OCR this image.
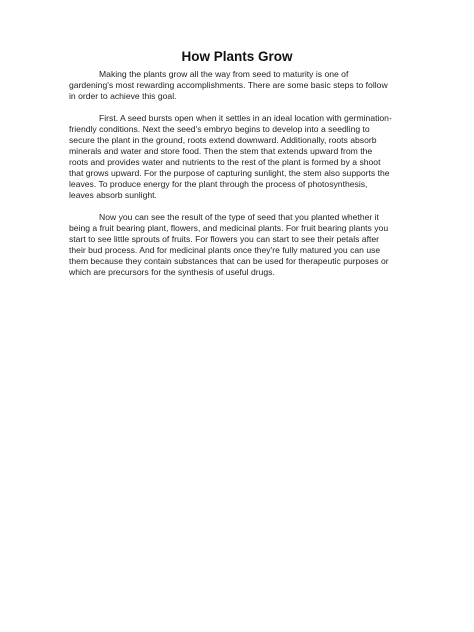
How Plants Grow
Making the plants grow all the way from seed to maturity is one of
gardening's most rewarding accomplishments. There are some basic steps to follow
in order to achieve this goal.
First. A seed bursts open when it settles in an ideal location with germination-
friendly conditions. Next the seed's embryo begins to develop into a seedling to
secure the plant in the ground, roots extend downward. Additionally, roots absorb
minerals and water and store food. Then the stem that extends upward from the
roots and provides water and nutrients to the rest of the plant is formed by a shoot
that grows upward. For the purpose of capturing sunlight, the stem also supports the
leaves. To produce energy for the plant through the process of photosynthesis,
leaves absorb sunlight.
Now you can see the result of the type of seed that you planted whether it
being a fruit bearing plant, flowers, and medicinal plants. For fruit bearing plants you
start to see little sprouts of fruits. For flowers you can start to see their petals after
their bud process. And for medicinal plants once they're fully matured you can use
them because they contain substances that can be used for therapeutic purposes or
which are precursors for the synthesis of useful drugs.
